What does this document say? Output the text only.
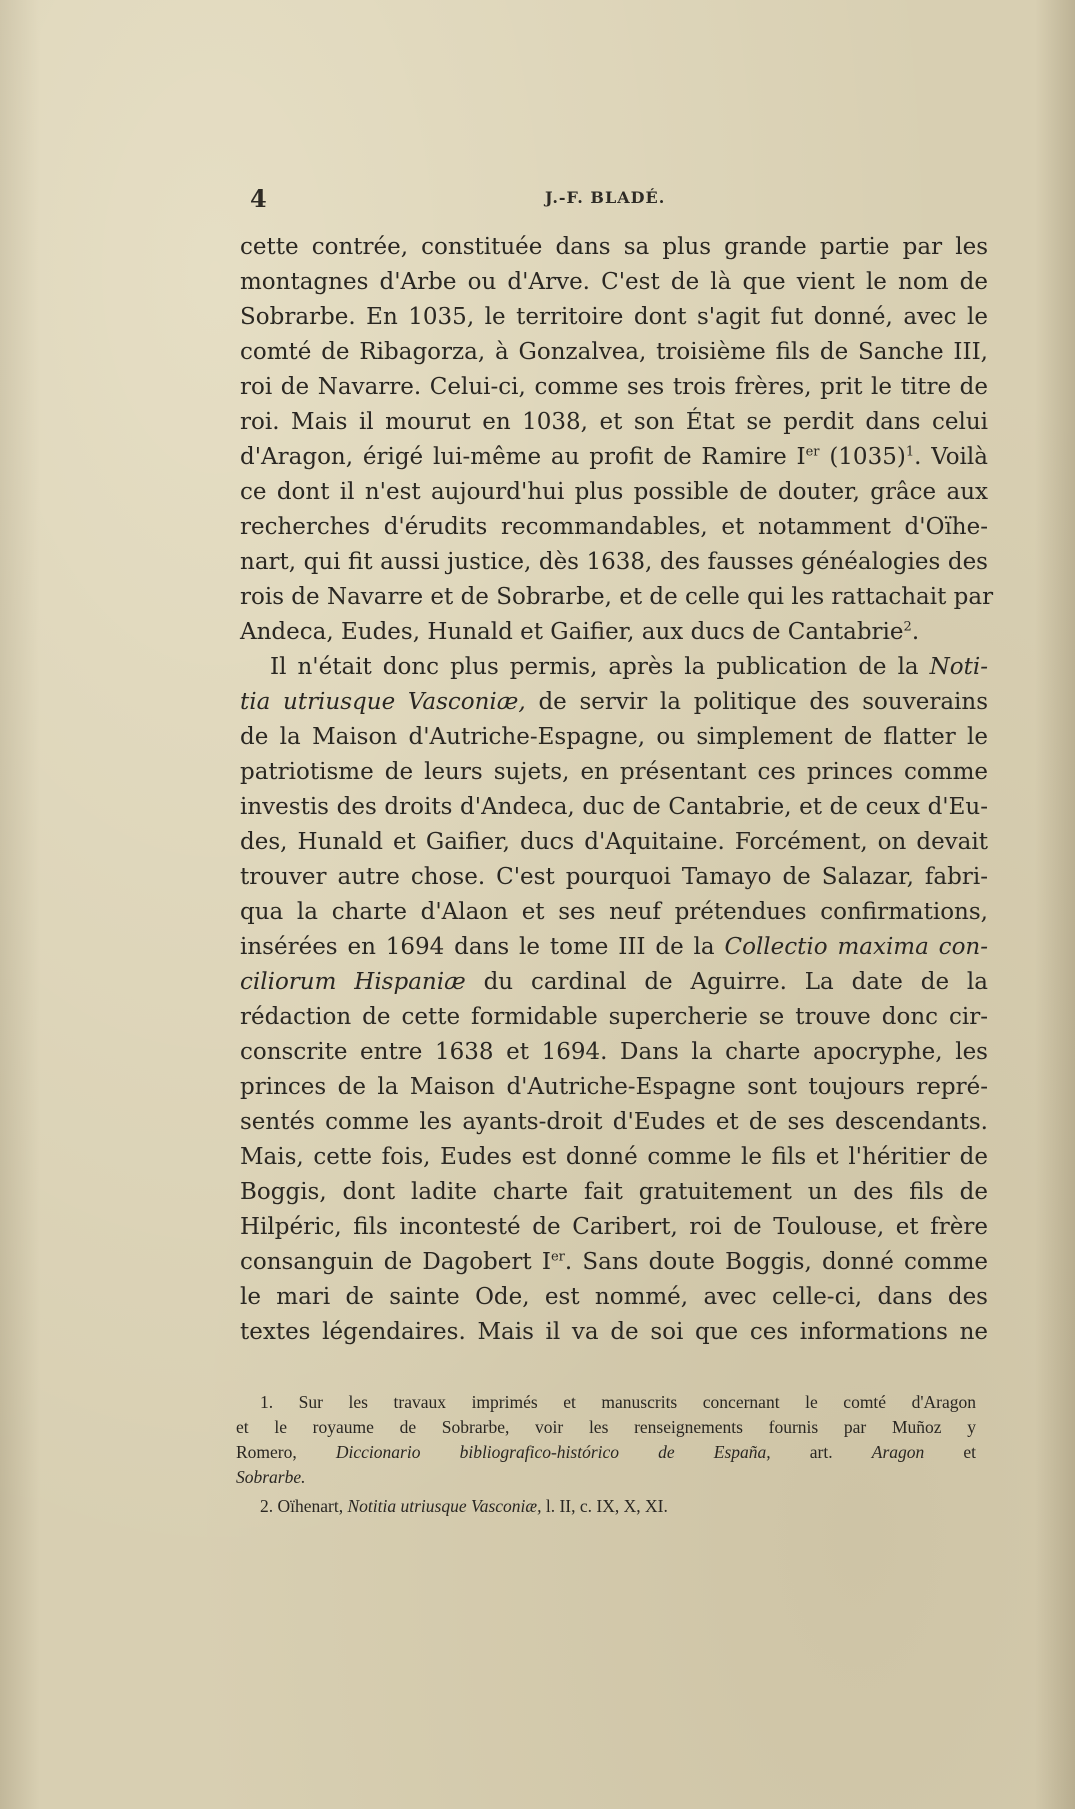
4	J.-F. BLADÉ.
cette contrée, constituée dans sa plus grande partie par les
montagnes d'Arbe ou d'Arve. C'est de là que vient le nom de
Sobrarbe. En 1035, le territoire dont s'agit fut donné, avec le
comté de Ribagorza, à Gonzalvea, troisième fils de Sanche III,
roi de Navarre. Celui-ci, comme ses trois frères, prit le titre de
roi. Mais il mourut en 1038, et son État se perdit dans celui
d'Aragon, érigé lui-même au profit de Ramire Ier $(1035)^1$. Voilà
ce dont il n'est aujourd'hui plus possible de douter, grâce aux
recherches d'érudits recommandables, et notamment d'Oïhe-
nart, qui fit aussi justice, dès 1638, des fausses généalogies des
rois de Navarre et de Sobrarbe, et de celle qui les rattachait par
Andeca, Eudes, Hunald et Gaifier, aux ducs de Cantabrie$^2$.
Il n'était donc plus permis, après la publication de la Noti-
tia utriusque Vasconiæ, de servir la politique des souverains
de la Maison d'Autriche-Espagne, ou simplement de flatter le
patriotisme de leurs sujets, en présentant ces princes comme
investis des droits d'Andeca, duc de Cantabrie, et de ceux d'Eu-
des, Hunald et Gaifier, ducs d'Aquitaine. Forcément, on devait
trouver autre chose. C'est pourquoi Tamayo de Salazar, fabri-
qua la charte d'Alaon et ses neuf prétendues confirmations,
insérées en 1694 dans le tome III de la Collectio maxima con-
ciliorum Hispaniæ du cardinal de Aguirre. La date de la
rédaction de cette formidable supercherie se trouve donc cir-
conscrite entre 1638 et 1694. Dans la charte apocryphe, les
princes de la Maison d'Autriche-Espagne sont toujours repré-
sentés comme les ayants-droit d'Eudes et de ses descendants.
Mais, cette fois, Eudes est donné comme le fils et l'héritier de
Boggis, dont ladite charte fait gratuitement un des fils de
Hilpéric, fils incontesté de Caribert, roi de Toulouse, et frère
consanguin de Dagobert Ier. Sans doute Boggis, donné comme
le mari de sainte Ode, est nommé, avec celle-ci, dans des
textes légendaires. Mais il va de soi que ces informations ne
1. Sur les travaux imprimés et manuscrits concernant le comté d'Aragon
et le royaume de Sobrarbe, voir les renseignements fournis par Muñoz y
Romero, Diccionario bibliografico-histórico de España, art. Aragon et
Sobrarbe.
2. Oïhenart, Notitia utriusque Vasconiæ, l. II, c. IX, X, XI.
